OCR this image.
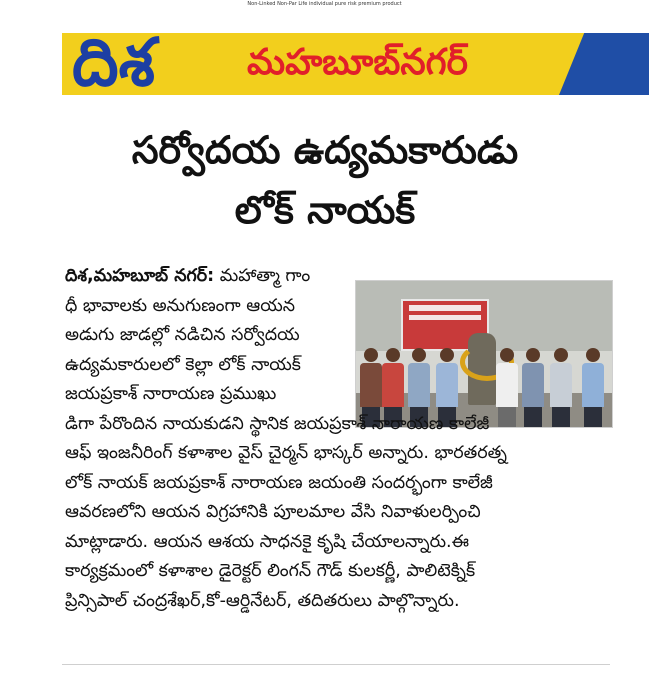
Non-Linked Non-Par Life individual pure risk premium product
దిశ	మహబూబ్‌నగర్
సర్వోదయ ఉద్యమకారుడు
లోక్ నాయక్
దిశ,మహబూబ్ నగర్: మహాత్మా గాం
ధీ భావాలకు అనుగుణంగా ఆయన
అడుగు జాడల్లో నడిచిన సర్వోదయ
ఉద్యమకారులలో కెల్లా లోక్ నాయక్
జయప్రకాశ్ నారాయణ ప్రముఖు
డిగా పేరొందిన నాయకుడని స్థానిక జయప్రకాశ్ నారాయణ కాలేజీ
ఆఫ్ ఇంజనీరింగ్ కళాశాల వైస్ చైర్మన్ భాస్కర్ అన్నారు. భారతరత్న
లోక్ నాయక్ జయప్రకాశ్ నారాయణ జయంతి సందర్భంగా కాలేజీ
ఆవరణలోని ఆయన విగ్రహానికి పూలమాల వేసి నివాళులర్పించి
మాట్లాడారు. ఆయన ఆశయ సాధనకై కృషి చేయాలన్నారు.ఈ
కార్యక్రమంలో కళాశాల డైరెక్టర్ లింగన్ గౌడ్ కులకర్ణీ, పాలిటెక్నిక్
ప్రిన్సిపాల్ చంద్రశేఖర్,కో-ఆర్డినేటర్, తదితరులు పాల్గొన్నారు.
